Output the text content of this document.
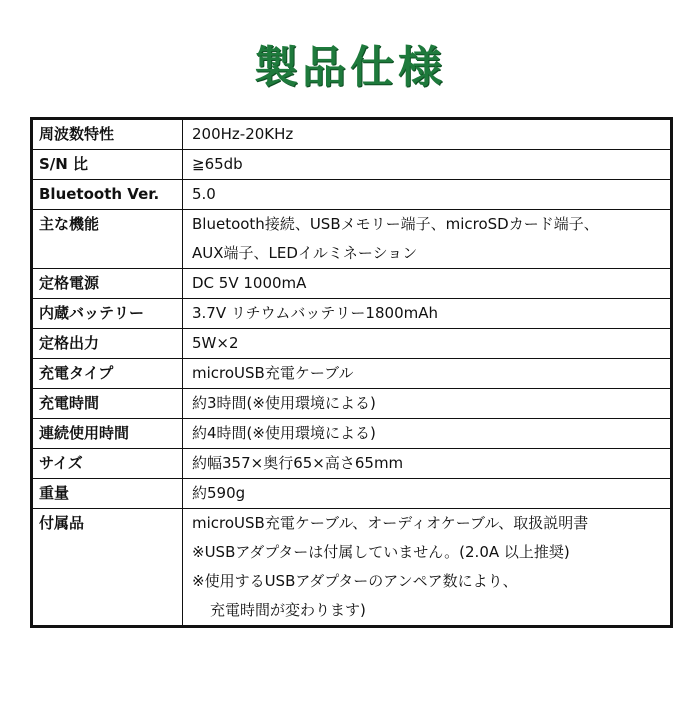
製品仕様
周波数特性	200Hz-20KHz

S/N 比	≧65db

Bluetooth Ver.	5.0

主な機能	Bluetooth接続、USBメモリー端子、microSDカード端子、
AUX端子、LEDイルミネーション

定格電源	DC 5V 1000mA

内蔵バッテリー	3.7V リチウムバッテリー1800mAh

定格出力	5W×2

充電タイプ	microUSB充電ケーブル

充電時間	約3時間(※使用環境による)

連続使用時間	約4時間(※使用環境による)

サイズ	約幅357×奥行65×高さ65mm

重量	約590g

付属品	microUSB充電ケーブル、オーディオケーブル、取扱説明書
※USBアダプターは付属していません。(2.0A 以上推奨)
※使用するUSBアダプターのアンペア数により、
充電時間が変わります)
